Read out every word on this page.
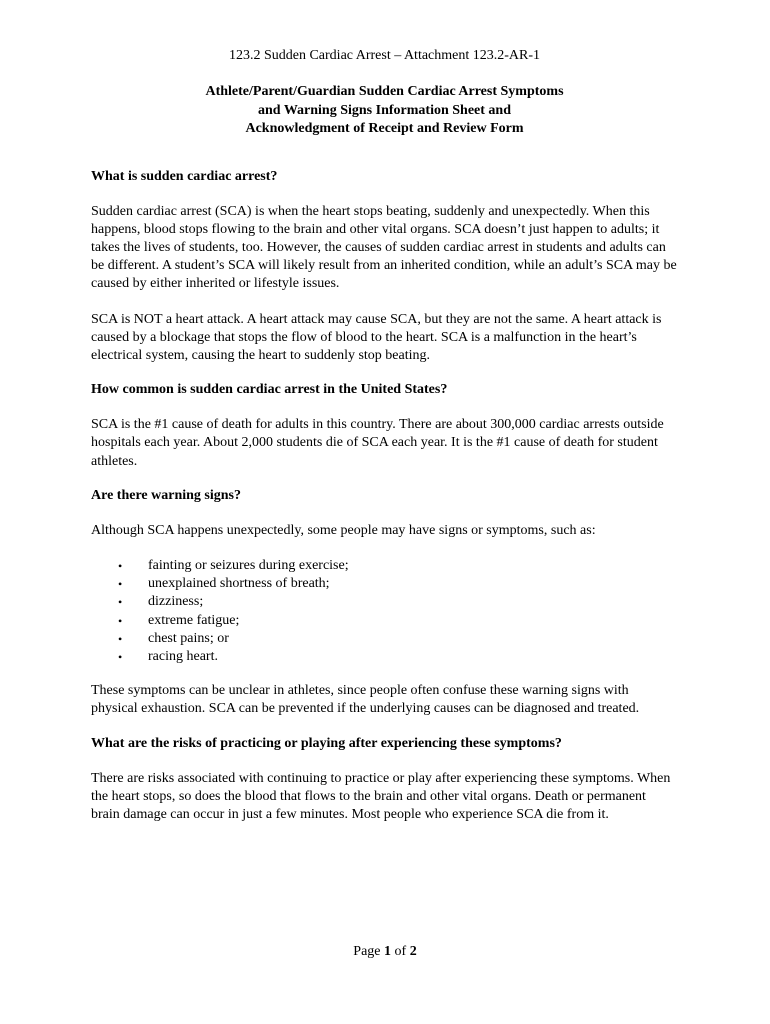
123.2 Sudden Cardiac Arrest – Attachment 123.2-AR-1
Athlete/Parent/Guardian Sudden Cardiac Arrest Symptoms
and Warning Signs Information Sheet and
Acknowledgment of Receipt and Review Form
What is sudden cardiac arrest?

Sudden cardiac arrest (SCA) is when the heart stops beating, suddenly and unexpectedly. When this happens, blood stops flowing to the brain and other vital organs. SCA doesn’t just happen to adults; it takes the lives of students, too. However, the causes of sudden cardiac arrest in students and adults can be different. A student’s SCA will likely result from an inherited condition, while an adult’s SCA may be caused by either inherited or lifestyle issues.

SCA is NOT a heart attack. A heart attack may cause SCA, but they are not the same. A heart attack is caused by a blockage that stops the flow of blood to the heart. SCA is a malfunction in the heart’s electrical system, causing the heart to suddenly stop beating.

How common is sudden cardiac arrest in the United States?

SCA is the #1 cause of death for adults in this country. There are about 300,000 cardiac arrests outside hospitals each year. About 2,000 students die of SCA each year. It is the #1 cause of death for student athletes.

Are there warning signs?

Although SCA happens unexpectedly, some people may have signs or symptoms, such as:

• fainting or seizures during exercise;
• unexplained shortness of breath;
• dizziness;
• extreme fatigue;
• chest pains; or
• racing heart.

These symptoms can be unclear in athletes, since people often confuse these warning signs with physical exhaustion. SCA can be prevented if the underlying causes can be diagnosed and treated.

What are the risks of practicing or playing after experiencing these symptoms?

There are risks associated with continuing to practice or play after experiencing these symptoms. When the heart stops, so does the blood that flows to the brain and other vital organs. Death or permanent brain damage can occur in just a few minutes. Most people who experience SCA die from it.

Page 1 of 2
